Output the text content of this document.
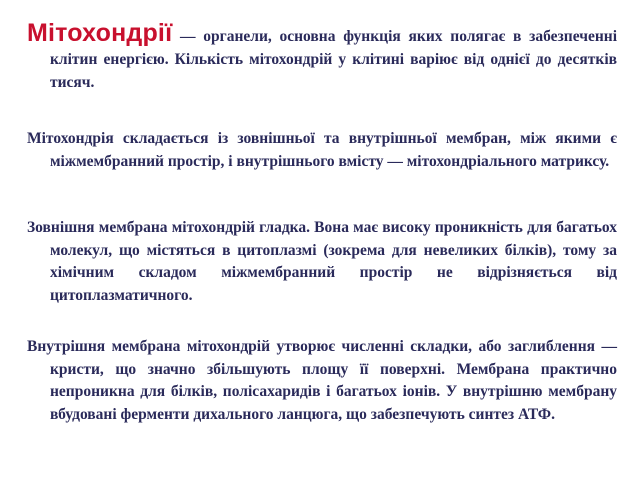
Мітохондрії — органели, основна функція яких полягає в забезпеченні клітин енергією. Кількість мітохондрій у клітині варіює від однієї до десятків тисяч.

Мітохондрія складається із зовнішньої та внутрішньої мембран, між якими є міжмембранний простір, і внутрішнього вмісту — мітохондріального матриксу.

Зовнішня мембрана мітохондрій гладка. Вона має високу проникність для багатьох молекул, що містяться в цитоплазмі (зокрема для невеликих білків), тому за хімічним складом міжмембранний простір не відрізняється від цитоплазматичного.

Внутрішня мембрана мітохондрій утворює численні складки, або заглиблення — кристи, що значно збільшують площу її поверхні. Мембрана практично непроникна для білків, полісахаридів і багатьох іонів. У внутрішню мембрану вбудовані ферменти дихального ланцюга, що забезпечують синтез АТФ.
